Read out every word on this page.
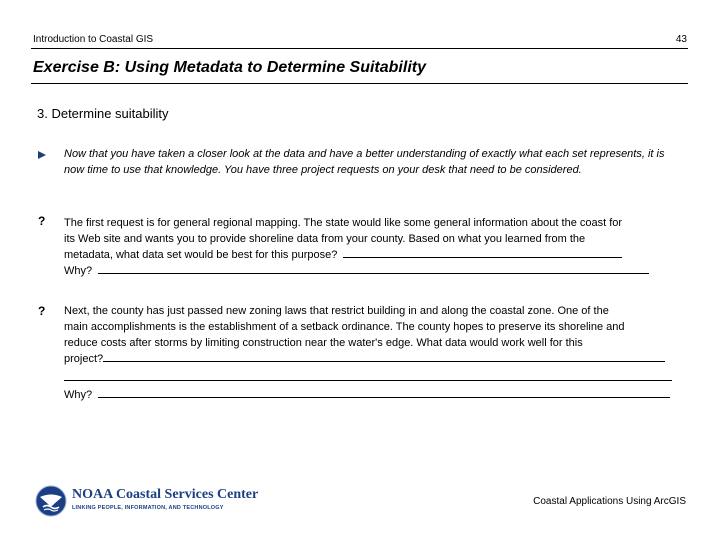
Introduction to Coastal GIS	43
Exercise B: Using Metadata to Determine Suitability
3. Determine suitability
Now that you have taken a closer look at the data and have a better understanding of exactly what each set represents, it is now time to use that knowledge. You have three project requests on your desk that need to be considered.
? The first request is for general regional mapping. The state would like some general information about the coast for
its Web site and wants you to provide shoreline data from your county. Based on what you learned from the
metadata, what data set would be best for this purpose?
Why?
? Next, the county has just passed new zoning laws that restrict building in and along the coastal zone. One of the
main accomplishments is the establishment of a setback ordinance. The county hopes to preserve its shoreline and
reduce costs after storms by limiting construction near the water's edge. What data would work well for this
project?
Why?
NOAA Coastal Services Center
LINKING PEOPLE, INFORMATION, AND TECHNOLOGY
Coastal Applications Using ArcGIS
